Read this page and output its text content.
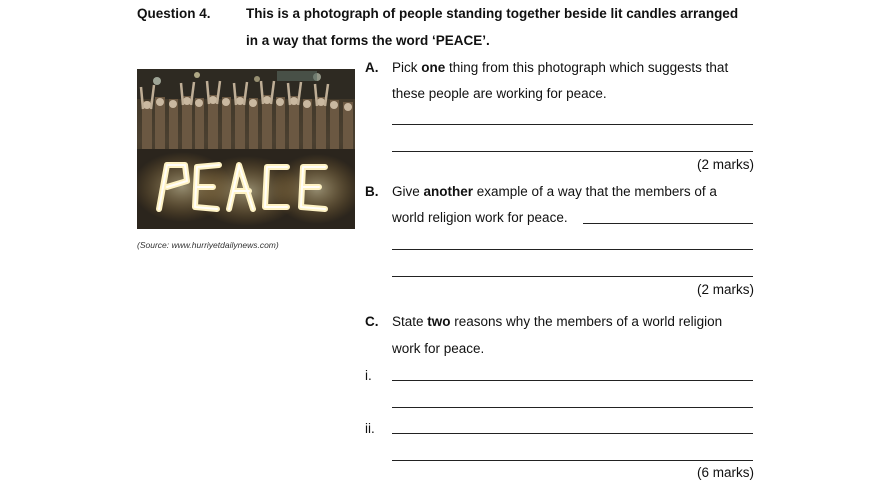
Question 4.	This is a photograph of people standing together beside lit candles arranged
in a way that forms the word ‘PEACE’.
(Source: www.hurriyetdailynews.com)
A. Pick one thing from this photograph which suggests that
these people are working for peace.
(2 marks)
B. Give another example of a way that the members of a
world religion work for peace.
(2 marks)
C. State two reasons why the members of a world religion
work for peace.
i.
ii.
(6 marks)
